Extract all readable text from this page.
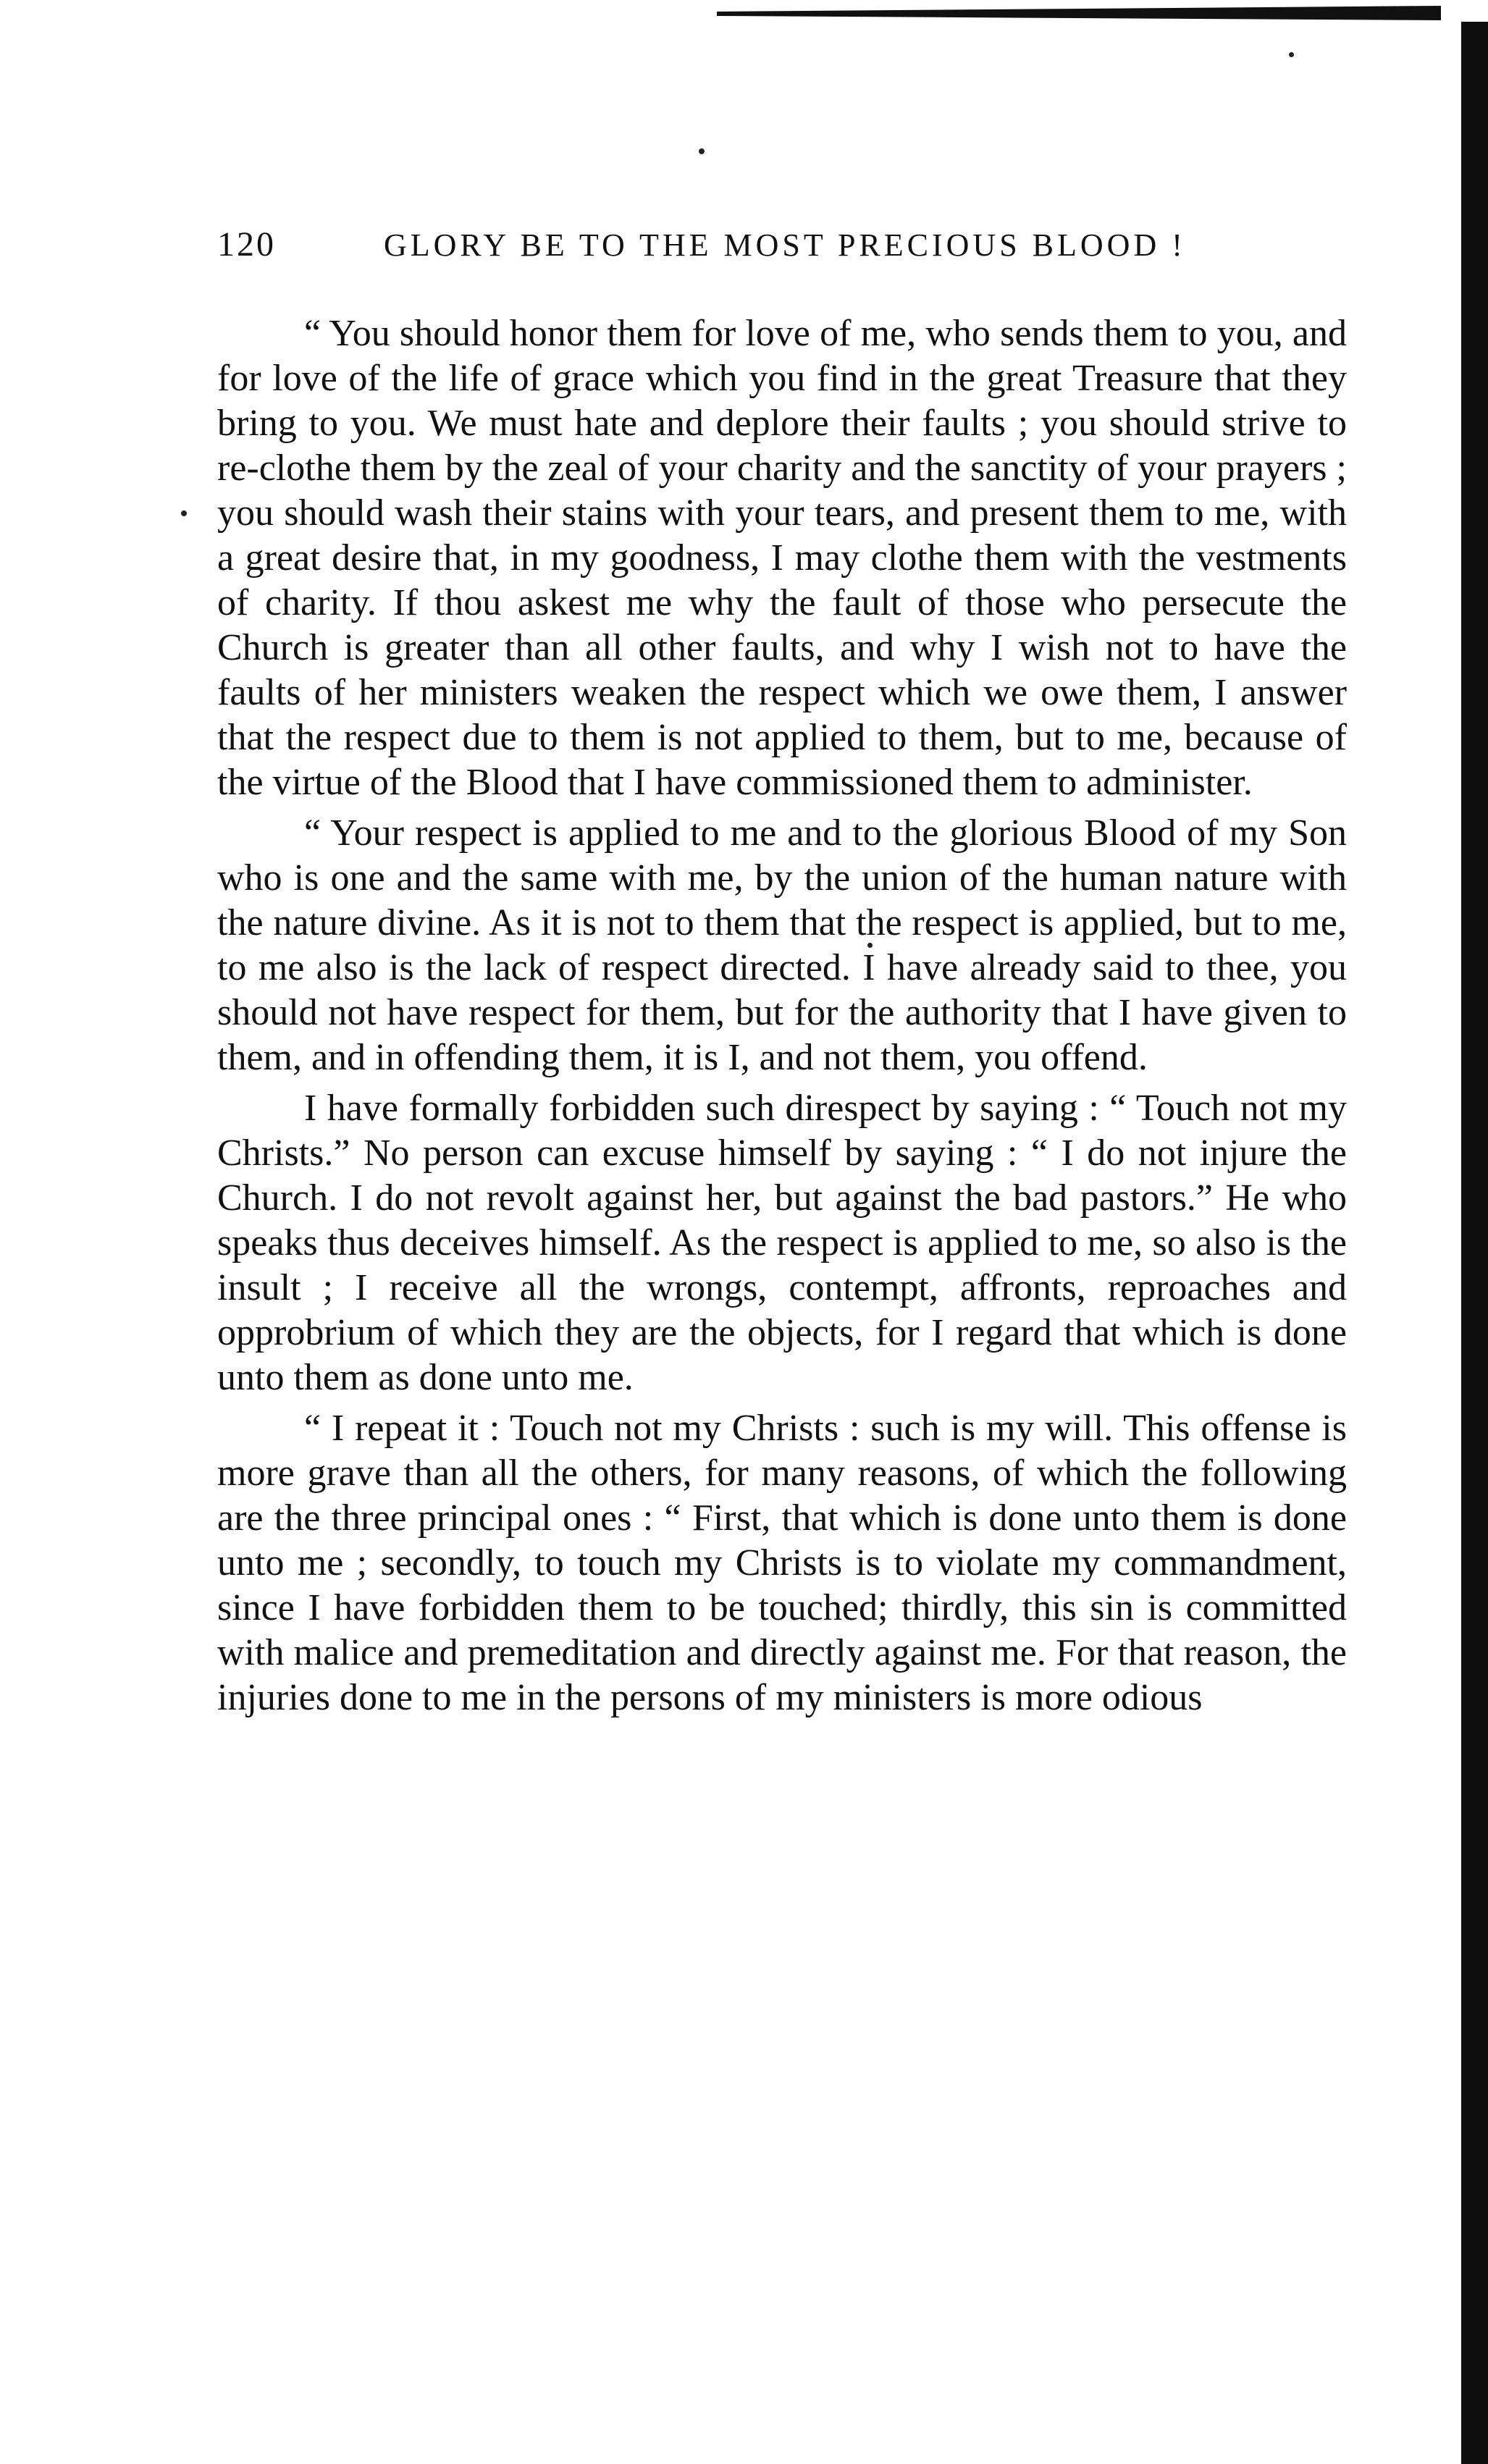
120	GLORY BE TO THE MOST PRECIOUS BLOOD !

“ You should honor them for love of me, who sends them to you, and for love of the life of grace which you find in the great Treasure that they bring to you. We must hate and deplore their faults ; you should strive to re-clothe them by the zeal of your charity and the sanctity of your prayers ; you should wash their stains with your tears, and present them to me, with a great desire that, in my goodness, I may clothe them with the vestments of charity. If thou askest me why the fault of those who persecute the Church is greater than all other faults, and why I wish not to have the faults of her ministers weaken the respect which we owe them, I answer that the respect due to them is not applied to them, but to me, because of the virtue of the Blood that I have commissioned them to administer.

“ Your respect is applied to me and to the glorious Blood of my Son who is one and the same with me, by the union of the human nature with the nature divine. As it is not to them that the respect is applied, but to me, to me also is the lack of respect directed. I have already said to thee, you should not have respect for them, but for the authority that I have given to them, and in offending them, it is I, and not them, you offend.

I have formally forbidden such direspect by saying : “ Touch not my Christs.” No person can excuse himself by saying : “ I do not injure the Church. I do not revolt against her, but against the bad pastors.” He who speaks thus deceives himself. As the respect is applied to me, so also is the insult ; I receive all the wrongs, contempt, affronts, reproaches and opprobrium of which they are the objects, for I regard that which is done unto them as done unto me.

“ I repeat it : Touch not my Christs : such is my will. This offense is more grave than all the others, for many reasons, of which the following are the three principal ones : “ First, that which is done unto them is done unto me ; secondly, to touch my Christs is to violate my commandment, since I have forbidden them to be touched; thirdly, this sin is committed with malice and premeditation and directly against me. For that reason, the injuries done to me in the persons of my ministers is more odious
